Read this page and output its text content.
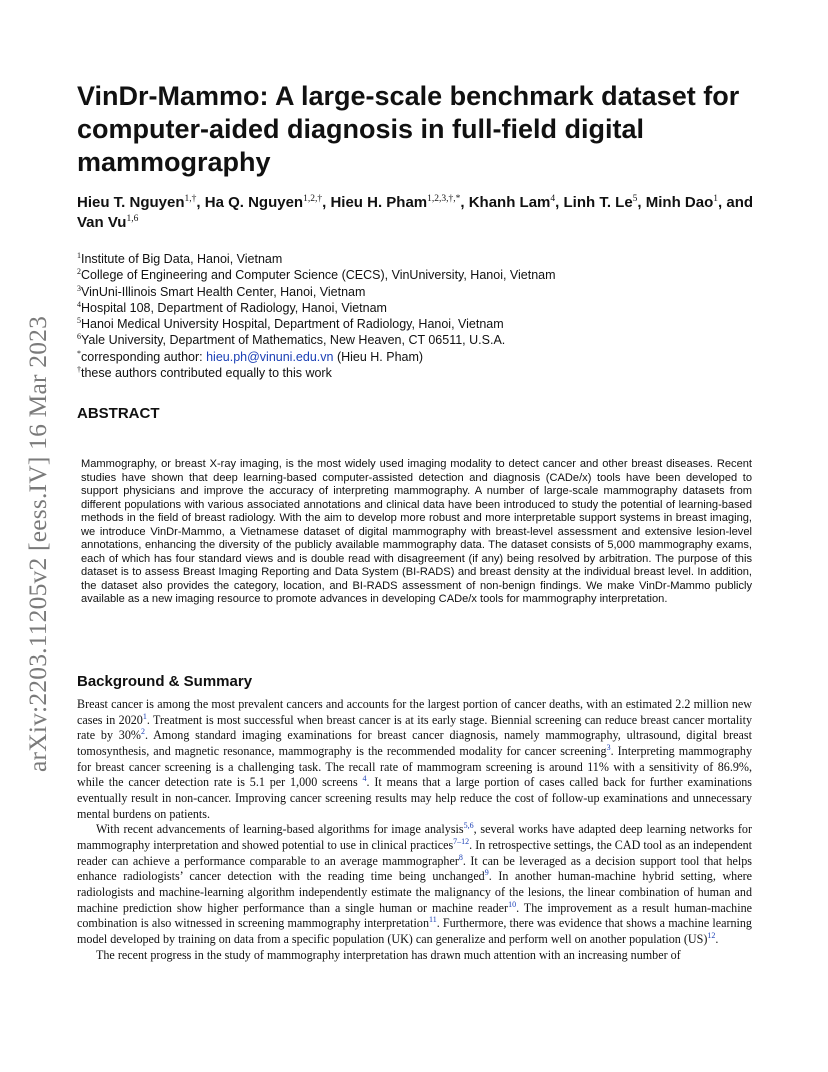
arXiv:2203.11205v2 [eess.IV] 16 Mar 2023
VinDr-Mammo: A large-scale benchmark dataset for
computer-aided diagnosis in full-field digital
mammography
Hieu T. Nguyen$^{1,\dagger}$, Ha Q. Nguyen$^{1,2,\dagger}$, Hieu H. Pham$^{1,2,3,\dagger,*}$, Khanh Lam$^4$, Linh T. Le$^5$, Minh Dao$^1$, and Van Vu$^{1,6}$
$^1$Institute of Big Data, Hanoi, Vietnam
$^2$College of Engineering and Computer Science (CECS), VinUniversity, Hanoi, Vietnam
$^3$VinUni-Illinois Smart Health Center, Hanoi, Vietnam
$^4$Hospital 108, Department of Radiology, Hanoi, Vietnam
$^5$Hanoi Medical University Hospital, Department of Radiology, Hanoi, Vietnam
$^6$Yale University, Department of Mathematics, New Heaven, CT 06511, U.S.A.
*corresponding author: hieu.ph@vinuni.edu.vn (Hieu H. Pham)
†these authors contributed equally to this work
ABSTRACT
Mammography, or breast X-ray imaging, is the most widely used imaging modality to detect cancer and other breast diseases. Recent studies have shown that deep learning-based computer-assisted detection and diagnosis (CADe/x) tools have been developed to support physicians and improve the accuracy of interpreting mammography. A number of large-scale mammography datasets from different populations with various associated annotations and clinical data have been introduced to study the potential of learning-based methods in the field of breast radiology. With the aim to develop more robust and more interpretable support systems in breast imaging, we introduce VinDr-Mammo, a Vietnamese dataset of digital mammography with breast-level assessment and extensive lesion-level annotations, enhancing the diversity of the publicly available mammography data. The dataset consists of 5,000 mammography exams, each of which has four standard views and is double read with disagreement (if any) being resolved by arbitration. The purpose of this dataset is to assess Breast Imaging Reporting and Data System (BI-RADS) and breast density at the individual breast level. In addition, the dataset also provides the category, location, and BI-RADS assessment of non-benign findings. We make VinDr-Mammo publicly available as a new imaging resource to promote advances in developing CADe/x tools for mammography interpretation.
Background & Summary

Breast cancer is among the most prevalent cancers and accounts for the largest portion of cancer deaths, with an estimated 2.2 million new cases in 2020$^1$. Treatment is most successful when breast cancer is at its early stage. Biennial screening can reduce breast cancer mortality rate by 30%$^2$. Among standard imaging examinations for breast cancer diagnosis, namely mammography, ultrasound, digital breast tomosynthesis, and magnetic resonance, mammography is the recommended modality for cancer screening$^3$. Interpreting mammography for breast cancer screening is a challenging task. The recall rate of mammogram screening is around 11% with a sensitivity of 86.9%, while the cancer detection rate is 5.1 per 1,000 screens $^4$. It means that a large portion of cases called back for further examinations eventually result in non-cancer. Improving cancer screening results may help reduce the cost of follow-up examinations and unnecessary mental burdens on patients.

With recent advancements of learning-based algorithms for image analysis$^{5,6}$, several works have adapted deep learning networks for mammography interpretation and showed potential to use in clinical practices$^{7-12}$. In retrospective settings, the CAD tool as an independent reader can achieve a performance comparable to an average mammographer$^8$. It can be leveraged as a decision support tool that helps enhance radiologists’ cancer detection with the reading time being unchanged$^9$. In another human-machine hybrid setting, where radiologists and machine-learning algorithm independently estimate the malignancy of the lesions, the linear combination of human and machine prediction show higher performance than a single human or machine reader$^{10}$. The improvement as a result human-machine combination is also witnessed in screening mammography interpretation$^{11}$. Furthermore, there was evidence that shows a machine learning model developed by training on data from a specific population (UK) can generalize and perform well on another population (US)$^{12}$.

The recent progress in the study of mammography interpretation has drawn much attention with an increasing number of
